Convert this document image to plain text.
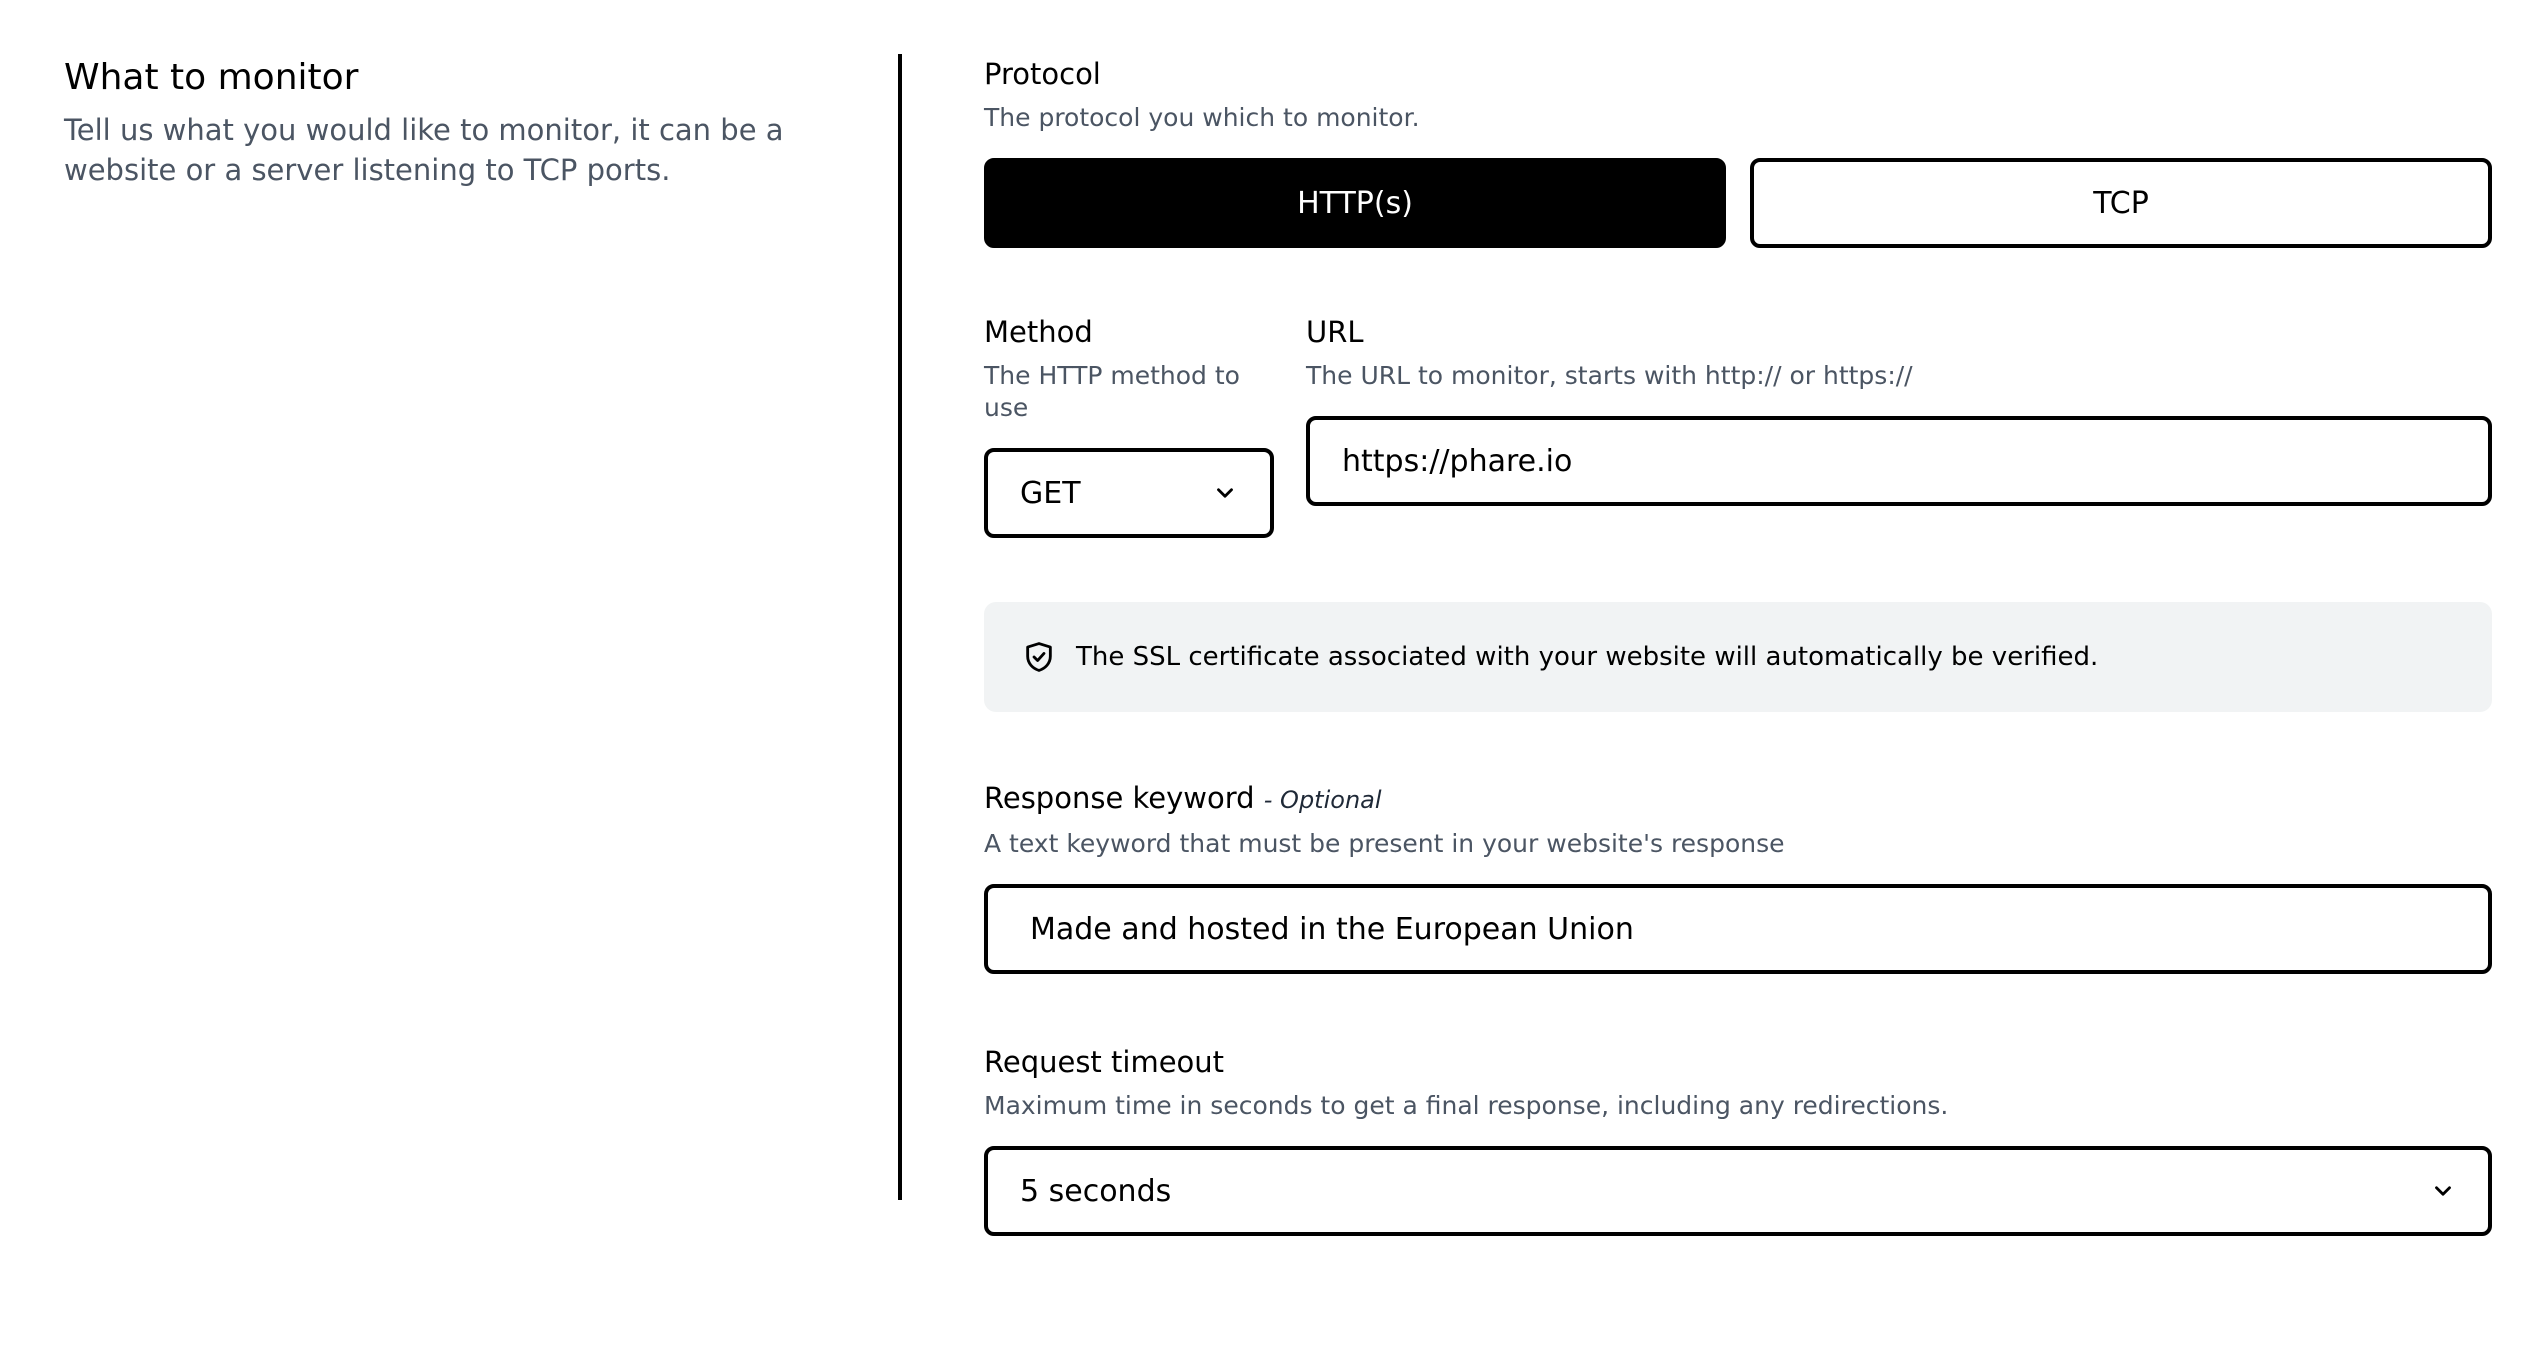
What to monitor

Tell us what you would like to monitor, it can be a website or a server listening to TCP ports.

Protocol
The protocol you which to monitor.
HTTP(s)	TCP
Method
The HTTP method to use
GET
URL
The URL to monitor, starts with http:// or https://
https://phare.io
The SSL certificate associated with your website will automatically be verified.
Response keyword - Optional
A text keyword that must be present in your website's response
Made and hosted in the European Union
Request timeout
Maximum time in seconds to get a final response, including any redirections.
5 seconds
